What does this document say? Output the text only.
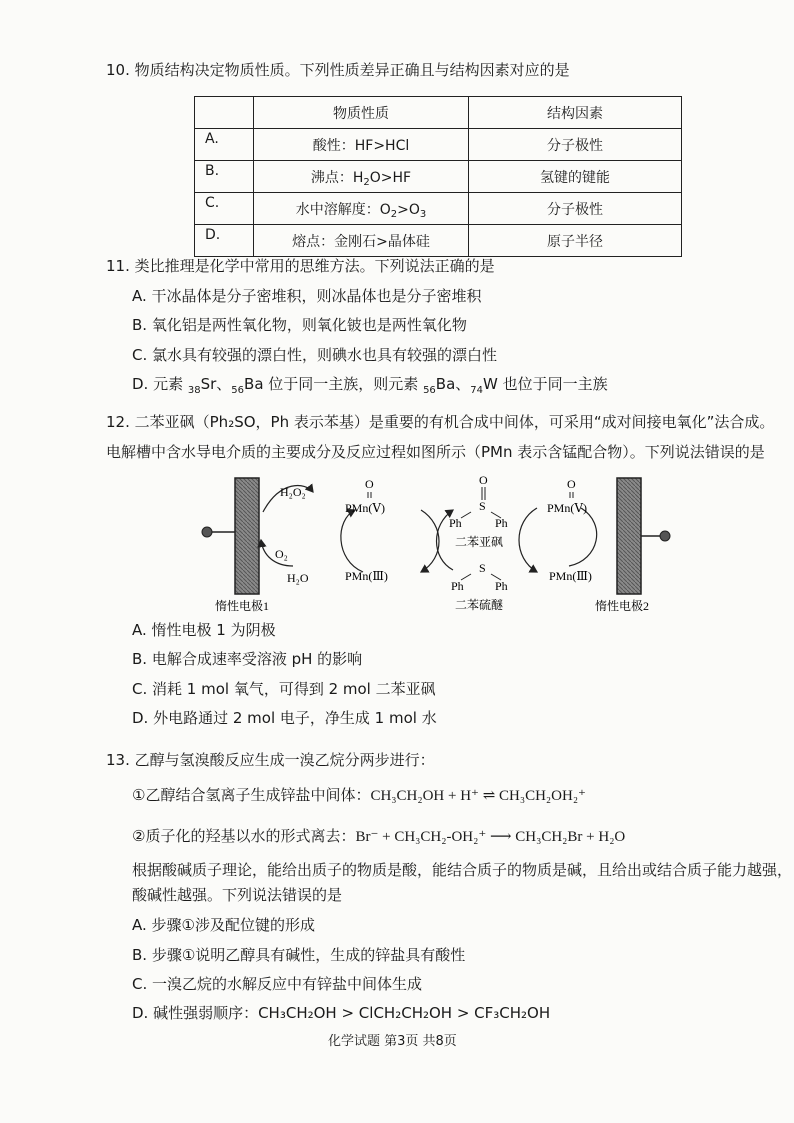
10. 物质结构决定物质性质。下列性质差异正确且与结构因素对应的是
	物质性质	结构因素
A.	酸性：HF>HCl	分子极性
B.	沸点：$H_2O>HF$	氢键的键能
C.	水中溶解度：$O_2>O_3$	分子极性
D.	熔点：金刚石>晶体硅	原子半径
11. 类比推理是化学中常用的思维方法。下列说法正确的是
A. 干冰晶体是分子密堆积，则冰晶体也是分子密堆积
B. 氧化铝是两性氧化物，则氧化铍也是两性氧化物
C. 氯水具有较强的漂白性，则碘水也具有较强的漂白性
D. 元素 $_{38}$Sr、$_{56}$Ba 位于同一主族，则元素 $_{56}$Ba、$_{74}$W 也位于同一主族
12. 二苯亚砜（Ph₂SO，Ph 表示苯基）是重要的有机合成中间体，可采用“成对间接电氧化”法合成。
电解槽中含水导电介质的主要成分及反应过程如图所示（PMn 表示含锰配合物）。下列说法错误的是
H₂O₂
O₂
H₂O
O
PMn(Ⅴ)
PMn(Ⅲ)
O
S
Ph	Ph
二苯亚砜
S
Ph	Ph
二苯硫醚
O
PMn(Ⅴ)
PMn(Ⅲ)
惰性电极1	惰性电极2
A. 惰性电极 1 为阴极
B. 电解合成速率受溶液 pH 的影响
C. 消耗 1 mol 氧气，可得到 2 mol 二苯亚砜
D. 外电路通过 2 mol 电子，净生成 1 mol 水
13. 乙醇与氢溴酸反应生成一溴乙烷分两步进行：
①乙醇结合氢离子生成锌盐中间体：CH₃CH₂OH + H⁺ ⇌ CH₃CH₂OH₂⁺
②质子化的羟基以水的形式离去：Br⁻ + CH₃CH₂-OH₂⁺ ⟶ CH₃CH₂Br + H₂O
根据酸碱质子理论，能给出质子的物质是酸，能结合质子的物质是碱，且给出或结合质子能力越强，
酸碱性越强。下列说法错误的是
A. 步骤①涉及配位键的形成
B. 步骤①说明乙醇具有碱性，生成的锌盐具有酸性
C. 一溴乙烷的水解反应中有锌盐中间体生成
D. 碱性强弱顺序：CH₃CH₂OH > ClCH₂CH₂OH > CF₃CH₂OH
化学试题 第3页 共8页
